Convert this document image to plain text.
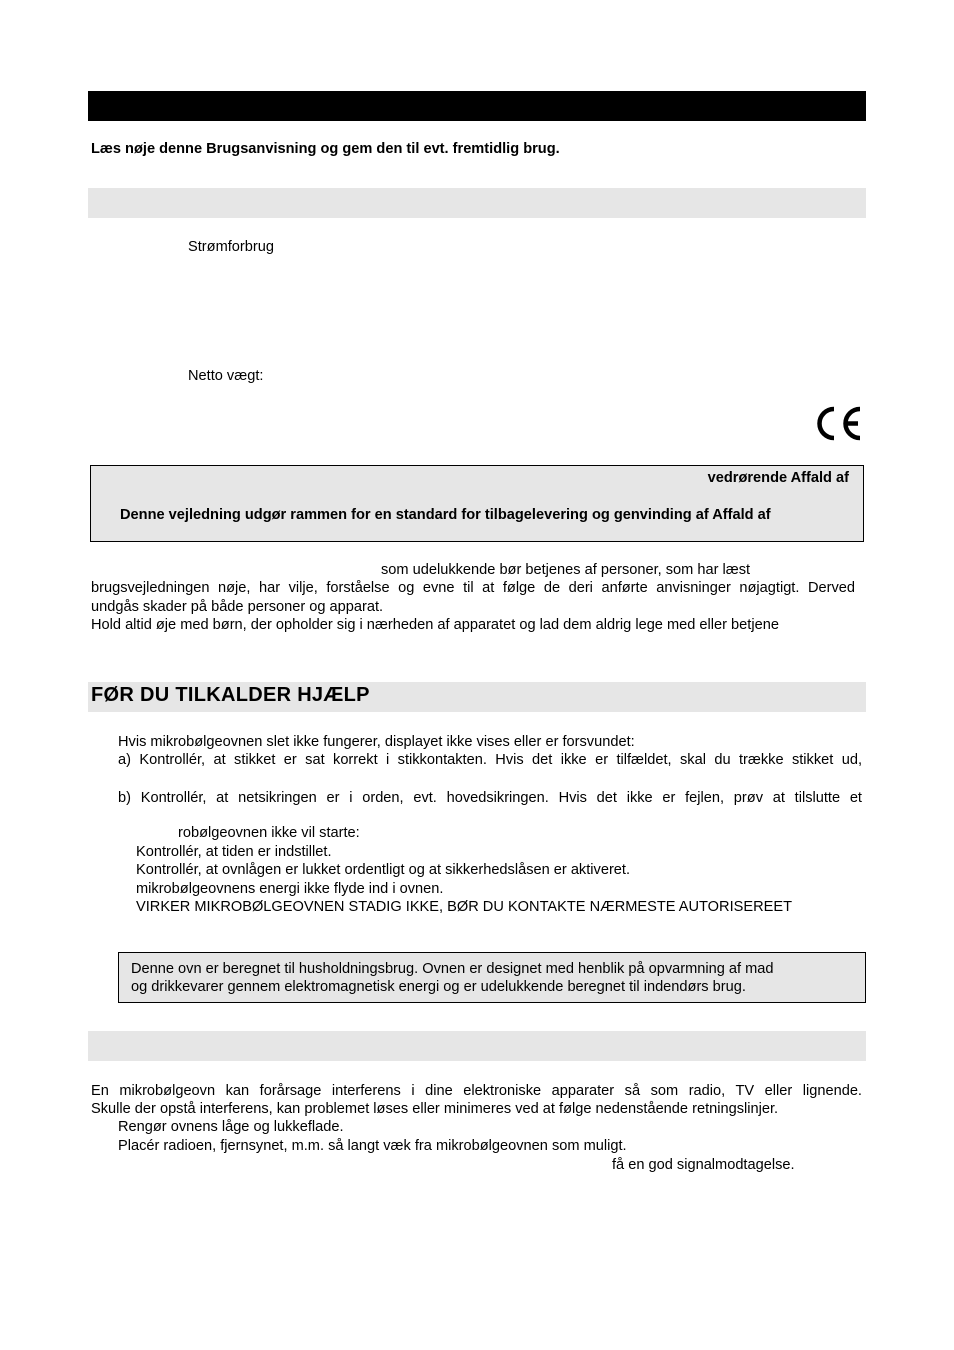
Læs nøje denne Brugsanvisning og gem den til evt. fremtidlig brug.
Strømforbrug
Netto vægt:
vedrørende Affald af
Denne vejledning udgør rammen for en standard for tilbagelevering og genvinding af Affald af
som udelukkende bør betjenes af personer, som har læst
brugsvejledningen nøje, har vilje, forståelse og evne til at følge de deri anførte anvisninger nøjagtigt. Derved
undgås skader på både personer og apparat.
Hold altid øje med børn, der opholder sig i nærheden af apparatet og lad dem aldrig lege med eller betjene
FØR DU TILKALDER HJÆLP
Hvis mikrobølgeovnen slet ikke fungerer, displayet ikke vises eller er forsvundet:
a) Kontrollér, at stikket er sat korrekt i stikkontakten. Hvis det ikke er tilfældet, skal du trække stikket ud,
b) Kontrollér, at netsikringen er i orden, evt. hovedsikringen. Hvis det ikke er fejlen, prøv at tilslutte et
robølgeovnen ikke vil starte:
Kontrollér, at tiden er indstillet.
Kontrollér, at ovnlågen er lukket ordentligt og at sikkerhedslåsen er aktiveret.
mikrobølgeovnens energi ikke flyde ind i ovnen.
VIRKER MIKROBØLGEOVNEN STADIG IKKE, BØR DU KONTAKTE NÆRMESTE AUTORISEREET
Denne ovn er beregnet til husholdningsbrug. Ovnen er designet med henblik på opvarmning af mad
og drikkevarer gennem elektromagnetisk energi og er udelukkende beregnet til indendørs brug.
En mikrobølgeovn kan forårsage interferens i dine elektroniske apparater så som radio, TV eller lignende.
Skulle der opstå interferens, kan problemet løses eller minimeres ved at følge nedenstående retningslinjer.
Rengør ovnens låge og lukkeflade.
Placér radioen, fjernsynet, m.m. så langt væk fra mikrobølgeovnen som muligt.
få en god signalmodtagelse.
